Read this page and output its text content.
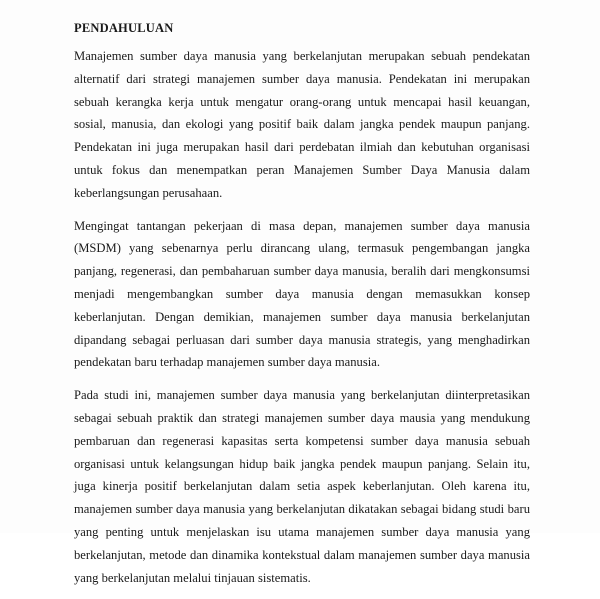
PENDAHULUAN

Manajemen sumber daya manusia yang berkelanjutan merupakan sebuah pendekatan alternatif dari strategi manajemen sumber daya manusia. Pendekatan ini merupakan sebuah kerangka kerja untuk mengatur orang-orang untuk mencapai hasil keuangan, sosial, manusia, dan ekologi yang positif baik dalam jangka pendek maupun panjang. Pendekatan ini juga merupakan hasil dari perdebatan ilmiah dan kebutuhan organisasi untuk fokus dan menempatkan peran Manajemen Sumber Daya Manusia dalam keberlangsungan perusahaan.

Mengingat tantangan pekerjaan di masa depan, manajemen sumber daya manusia (MSDM) yang sebenarnya perlu dirancang ulang, termasuk pengembangan jangka panjang, regenerasi, dan pembaharuan sumber daya manusia, beralih dari mengkonsumsi menjadi mengembangkan sumber daya manusia dengan memasukkan konsep keberlanjutan. Dengan demikian, manajemen sumber daya manusia berkelanjutan dipandang sebagai perluasan dari sumber daya manusia strategis, yang menghadirkan pendekatan baru terhadap manajemen sumber daya manusia.

Pada studi ini, manajemen sumber daya manusia yang berkelanjutan diinterpretasikan sebagai sebuah praktik dan strategi manajemen sumber daya mausia yang mendukung pembaruan dan regenerasi kapasitas serta kompetensi sumber daya manusia sebuah organisasi untuk kelangsungan hidup baik jangka pendek maupun panjang. Selain itu, juga kinerja positif berkelanjutan dalam setia aspek keberlanjutan. Oleh karena itu, manajemen sumber daya manusia yang berkelanjutan dikatakan sebagai bidang studi baru yang penting untuk menjelaskan isu utama manajemen sumber daya manusia yang berkelanjutan, metode dan dinamika kontekstual dalam manajemen sumber daya manusia yang berkelanjutan melalui tinjauan sistematis.
